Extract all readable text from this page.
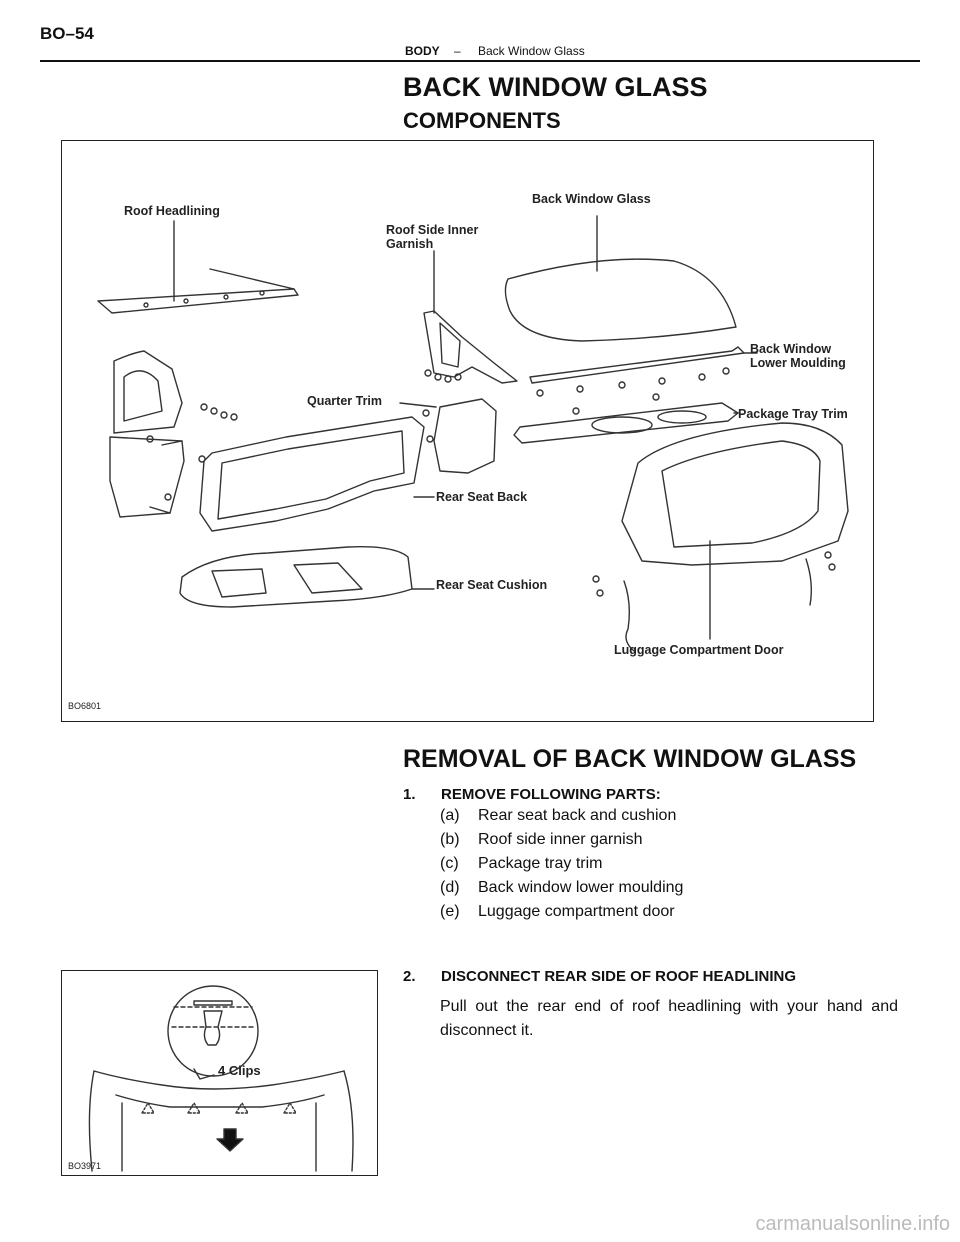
BO–54
BODY – Back Window Glass
BACK WINDOW GLASS
COMPONENTS
Roof Headlining
Roof Side Inner
Garnish
Back Window Glass
Back Window
Lower Moulding
Quarter Trim
Package Tray Trim
Rear Seat Back
Rear Seat Cushion
Luggage Compartment Door
BO6801
REMOVAL OF BACK WINDOW GLASS
1. REMOVE FOLLOWING PARTS:
(a) Rear seat back and cushion
(b) Roof side inner garnish
(c) Package tray trim
(d) Back window lower moulding
(e) Luggage compartment door
2. DISCONNECT REAR SIDE OF ROOF HEADLINING
Pull out the rear end of roof headlining with your hand and disconnect it.
4 Clips
BO3971
carmanualsonline.info
